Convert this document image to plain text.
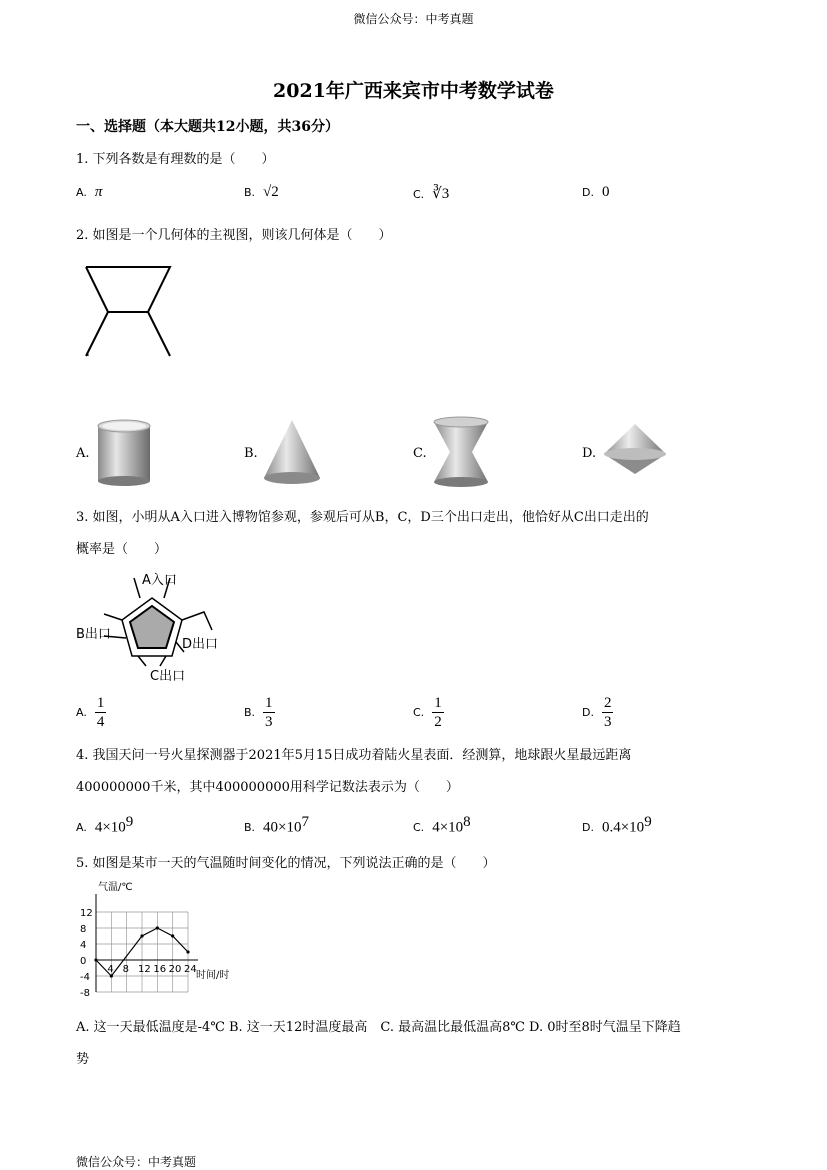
微信公众号：中考真题
2021年广西来宾市中考数学试卷
一、选择题（本大题共12小题，共36分）
1. 下列各数是有理数的是（　　）
A. π	B. √2	C. ∛3	D. 0
2. 如图是一个几何体的主视图，则该几何体是（　　）
A.	B.	C.	D.
3. 如图，小明从A入口进入博物馆参观，参观后可从B，C，D三个出口走出，他恰好从C出口走出的
概率是（　　）
A入口
B出口
D出口
C出口
A. $\frac{1}{4}$	B. $\frac{1}{3}$	C. $\frac{1}{2}$	D. $\frac{2}{3}$
4. 我国天问一号火星探测器于2021年5月15日成功着陆火星表面．经测算，地球跟火星最远距离
400000000千米，其中400000000用科学记数法表示为（　　）
A. $4\times 10^9$	B. $40\times 10^7$	C. $4\times 10^8$	D. $0.4\times 10^9$
5. 如图是某市一天的气温随时间变化的情况，下列说法正确的是（　　）
4 8 12 16 20 24
12
8
4
0
-4
-8
气温/℃
时间/时
A. 这一天最低温度是-4℃ B. 这一天12时温度最高　C. 最高温比最低温高8℃ D. 0时至8时气温呈下降趋
势
微信公众号：中考真题
